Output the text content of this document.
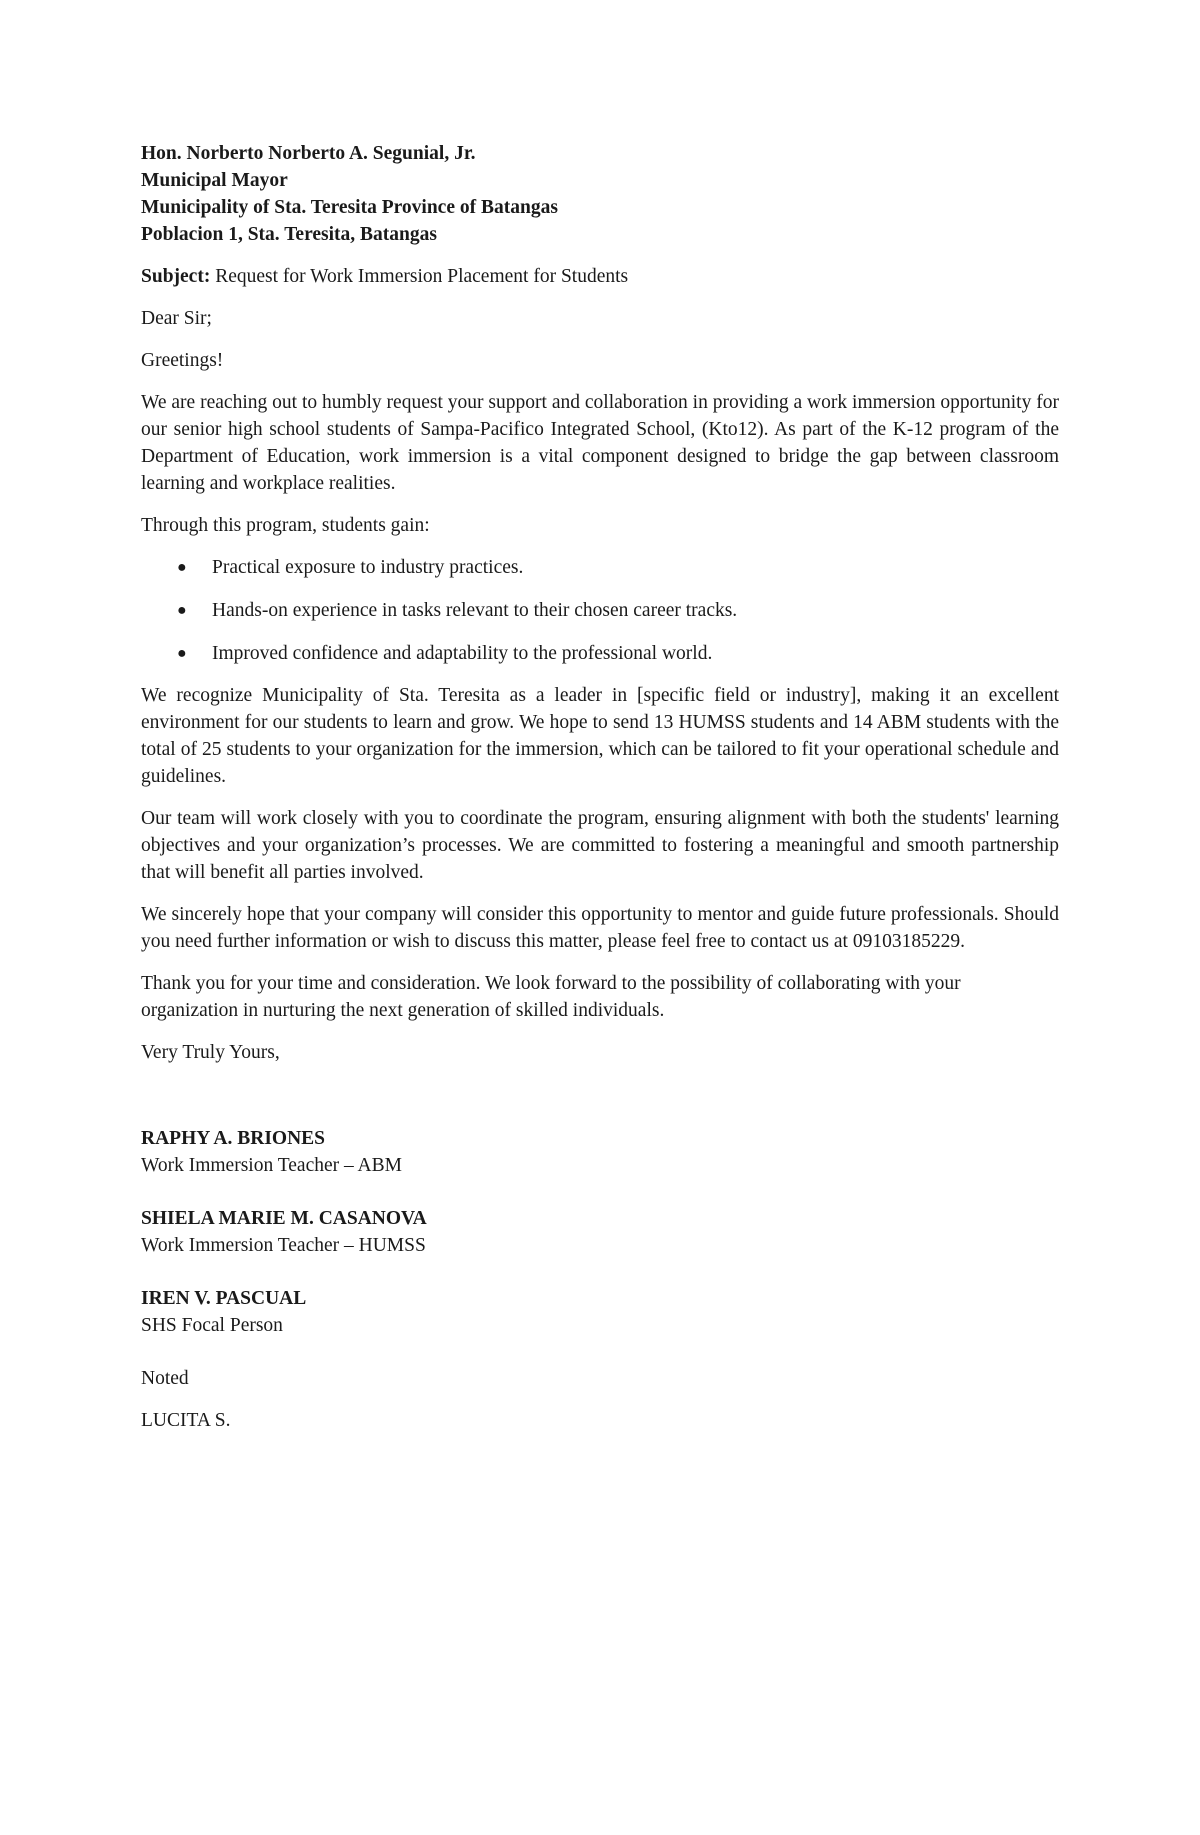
Hon. Norberto Norberto A. Segunial, Jr.

Municipal Mayor

Municipality of Sta. Teresita Province of Batangas

Poblacion 1, Sta. Teresita, Batangas

Subject: Request for Work Immersion Placement for Students

Dear Sir;

Greetings!

We are reaching out to humbly request your support and collaboration in providing a work immersion opportunity for our senior high school students of Sampa-Pacifico Integrated School, (Kto12). As part of the K-12 program of the Department of Education, work immersion is a vital component designed to bridge the gap between classroom learning and workplace realities.

Through this program, students gain:

● Practical exposure to industry practices.
● Hands-on experience in tasks relevant to their chosen career tracks.
● Improved confidence and adaptability to the professional world.

We recognize Municipality of Sta. Teresita as a leader in [specific field or industry], making it an excellent environment for our students to learn and grow. We hope to send 13 HUMSS students and 14 ABM students with the total of 25 students to your organization for the immersion, which can be tailored to fit your operational schedule and guidelines.

Our team will work closely with you to coordinate the program, ensuring alignment with both the students' learning objectives and your organization’s processes. We are committed to fostering a meaningful and smooth partnership that will benefit all parties involved.

We sincerely hope that your company will consider this opportunity to mentor and guide future professionals. Should you need further information or wish to discuss this matter, please feel free to contact us at 09103185229.

Thank you for your time and consideration. We look forward to the possibility of collaborating with your organization in nurturing the next generation of skilled individuals.

Very Truly Yours,

RAPHY A. BRIONES

Work Immersion Teacher – ABM

SHIELA MARIE M. CASANOVA

Work Immersion Teacher – HUMSS

IREN V. PASCUAL

SHS Focal Person

Noted

LUCITA S.
